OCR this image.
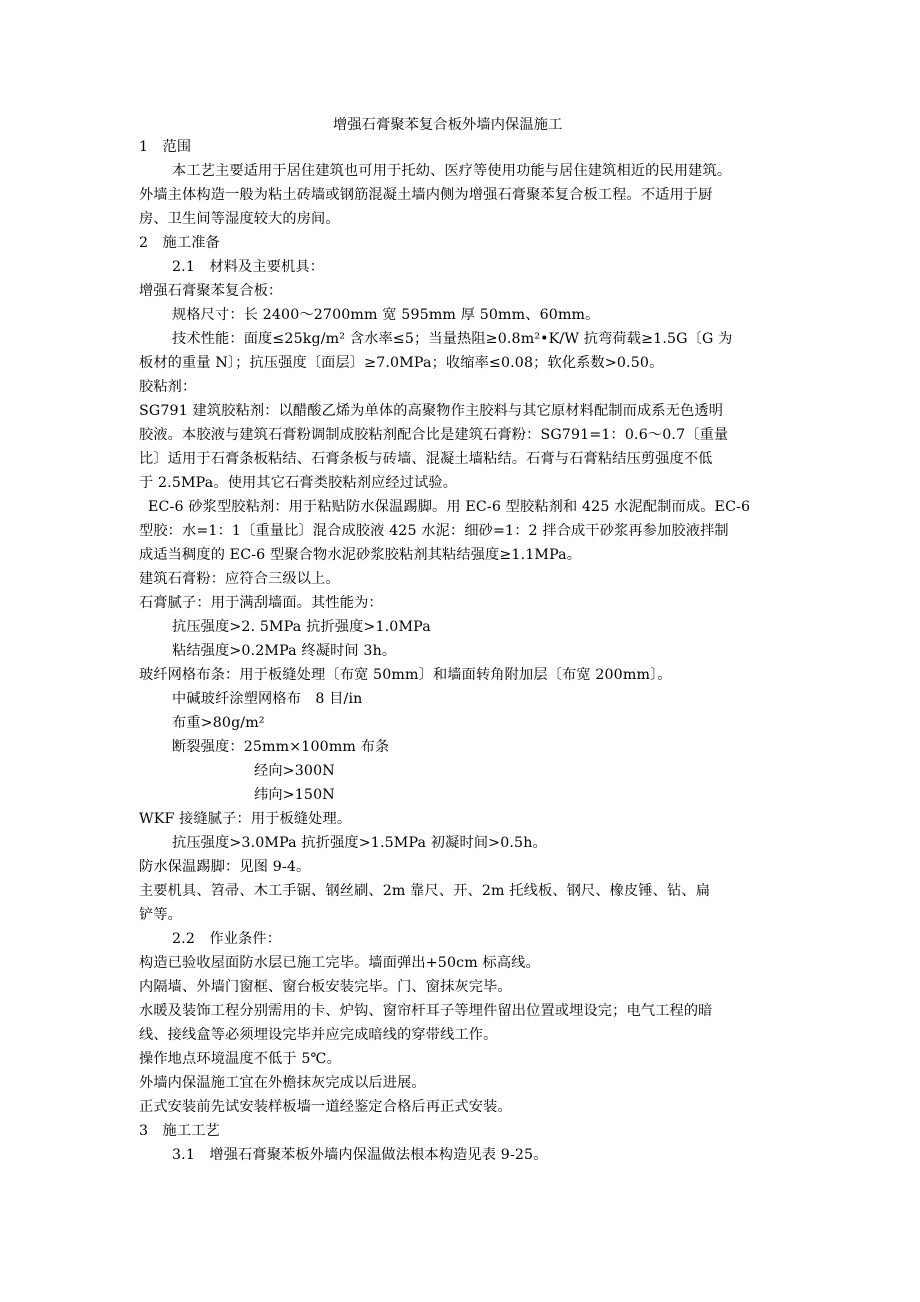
增强石膏聚苯复合板外墙内保温施工
1　范围
本工艺主要适用于居住建筑也可用于托幼、医疗等使用功能与居住建筑相近的民用建筑。
外墙主体构造一般为粘土砖墙或钢筋混凝土墙内侧为增强石膏聚苯复合板工程。不适用于厨
房、卫生间等湿度较大的房间。
2　施工准备
2.1　材料及主要机具：
增强石膏聚苯复合板：
规格尺寸：长 2400～2700mm 宽 595mm 厚 50mm、60mm。
技术性能：面度≤25kg/m² 含水率≤5；当量热阻≥0.8m²•K/W 抗弯荷载≥1.5G〔G 为
板材的重量 N〕；抗压强度〔面层〕≥7.0MPa；收缩率≤0.08；软化系数>0.50。
胶粘剂：
SG791 建筑胶粘剂：以醋酸乙烯为单体的高聚物作主胶料与其它原材料配制而成系无色透明
胶液。本胶液与建筑石膏粉调制成胶粘剂配合比是建筑石膏粉：SG791=1：0.6～0.7〔重量
比〕适用于石膏条板粘结、石膏条板与砖墙、混凝土墙粘结。石膏与石膏粘结压剪强度不低
于 2.5MPa。使用其它石膏类胶粘剂应经过试验。
EC-6 砂浆型胶粘剂：用于粘贴防水保温踢脚。用 EC-6 型胶粘剂和 425 水泥配制而成。EC-6
型胶：水=1：1〔重量比〕混合成胶液 425 水泥：细砂=1：2 拌合成干砂浆再参加胶液拌制
成适当稠度的 EC-6 型聚合物水泥砂浆胶粘剂其粘结强度≥1.1MPa。
建筑石膏粉：应符合三级以上。
石膏腻子：用于满刮墙面。其性能为：
抗压强度>2. 5MPa 抗折强度>1.0MPa
粘结强度>0.2MPa 终凝时间 3h。
玻纤网格布条：用于板缝处理〔布宽 50mm〕和墙面转角附加层〔布宽 200mm〕。
中碱玻纤涂塑网格布　8 目/in
布重>80g/m²
断裂强度：25mm×100mm 布条
经向>300N
纬向>150N
WKF 接缝腻子：用于板缝处理。
抗压强度>3.0MPa 抗折强度>1.5MPa 初凝时间>0.5h。
防水保温踢脚：见图 9-4。
主要机具、笤帚、木工手锯、钢丝刷、2m 靠尺、开、2m 托线板、钢尺、橡皮锤、钻、扁
铲等。
2.2　作业条件：
构造已验收屋面防水层已施工完毕。墙面弹出+50cm 标高线。
内隔墙、外墙门窗框、窗台板安装完毕。门、窗抹灰完毕。
水暖及装饰工程分别需用的卡、炉钩、窗帘杆耳子等埋件留出位置或埋设完；电气工程的暗
线、接线盒等必须埋设完毕并应完成暗线的穿带线工作。
操作地点环境温度不低于 5℃。
外墙内保温施工宜在外檐抹灰完成以后进展。
正式安装前先试安装样板墙一道经鉴定合格后再正式安装。
3　施工工艺
3.1　增强石膏聚苯板外墙内保温做法根本构造见表 9-25。
